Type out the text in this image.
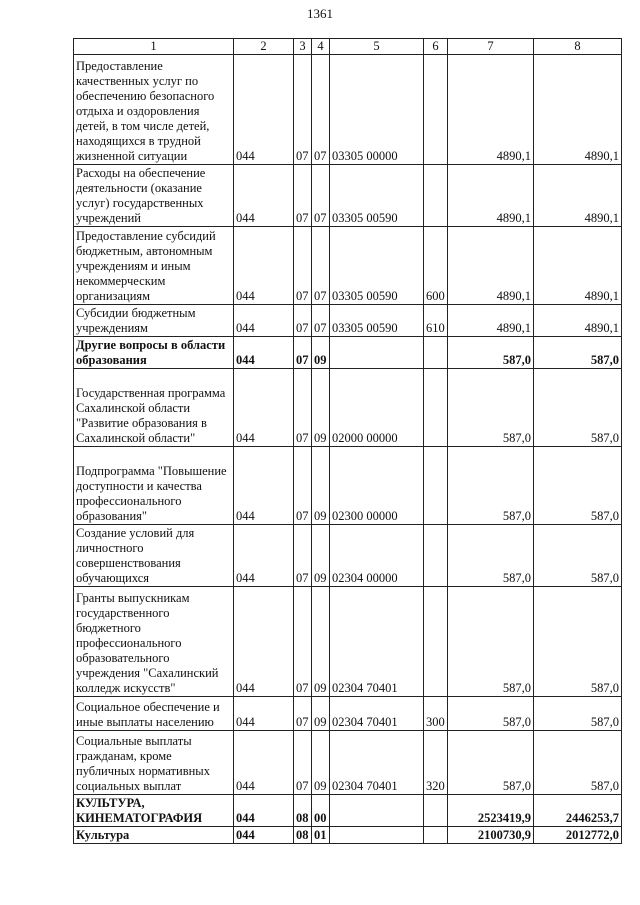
1361
1	2	3	4	5	6	7	8
Предоставление качественных услуг по обеспечению безопасного отдыха и оздоровления детей, в том числе детей, находящихся в трудной жизненной ситуации	044	07	07	03305 00000		4890,1	4890,1
Расходы на обеспечение деятельности (оказание услуг) государственных учреждений	044	07	07	03305 00590		4890,1	4890,1
Предоставление субсидий бюджетным, автономным учреждениям и иным некоммерческим организациям	044	07	07	03305 00590	600	4890,1	4890,1
Субсидии бюджетным учреждениям	044	07	07	03305 00590	610	4890,1	4890,1
Другие вопросы в области образования	044	07	09			587,0	587,0
Государственная программа Сахалинской области "Развитие образования в Сахалинской области"	044	07	09	02000 00000		587,0	587,0
Подпрограмма "Повышение доступности и качества профессионального образования"	044	07	09	02300 00000		587,0	587,0
Создание условий для личностного совершенствования обучающихся	044	07	09	02304 00000		587,0	587,0
Гранты выпускникам государственного бюджетного профессионального образовательного учреждения "Сахалинский колледж искусств"	044	07	09	02304 70401		587,0	587,0
Социальное обеспечение и иные выплаты населению	044	07	09	02304 70401	300	587,0	587,0
Социальные выплаты гражданам, кроме публичных нормативных социальных выплат	044	07	09	02304 70401	320	587,0	587,0
КУЛЬТУРА, КИНЕМАТОГРАФИЯ	044	08	00			2523419,9	2446253,7
Культура	044	08	01			2100730,9	2012772,0
